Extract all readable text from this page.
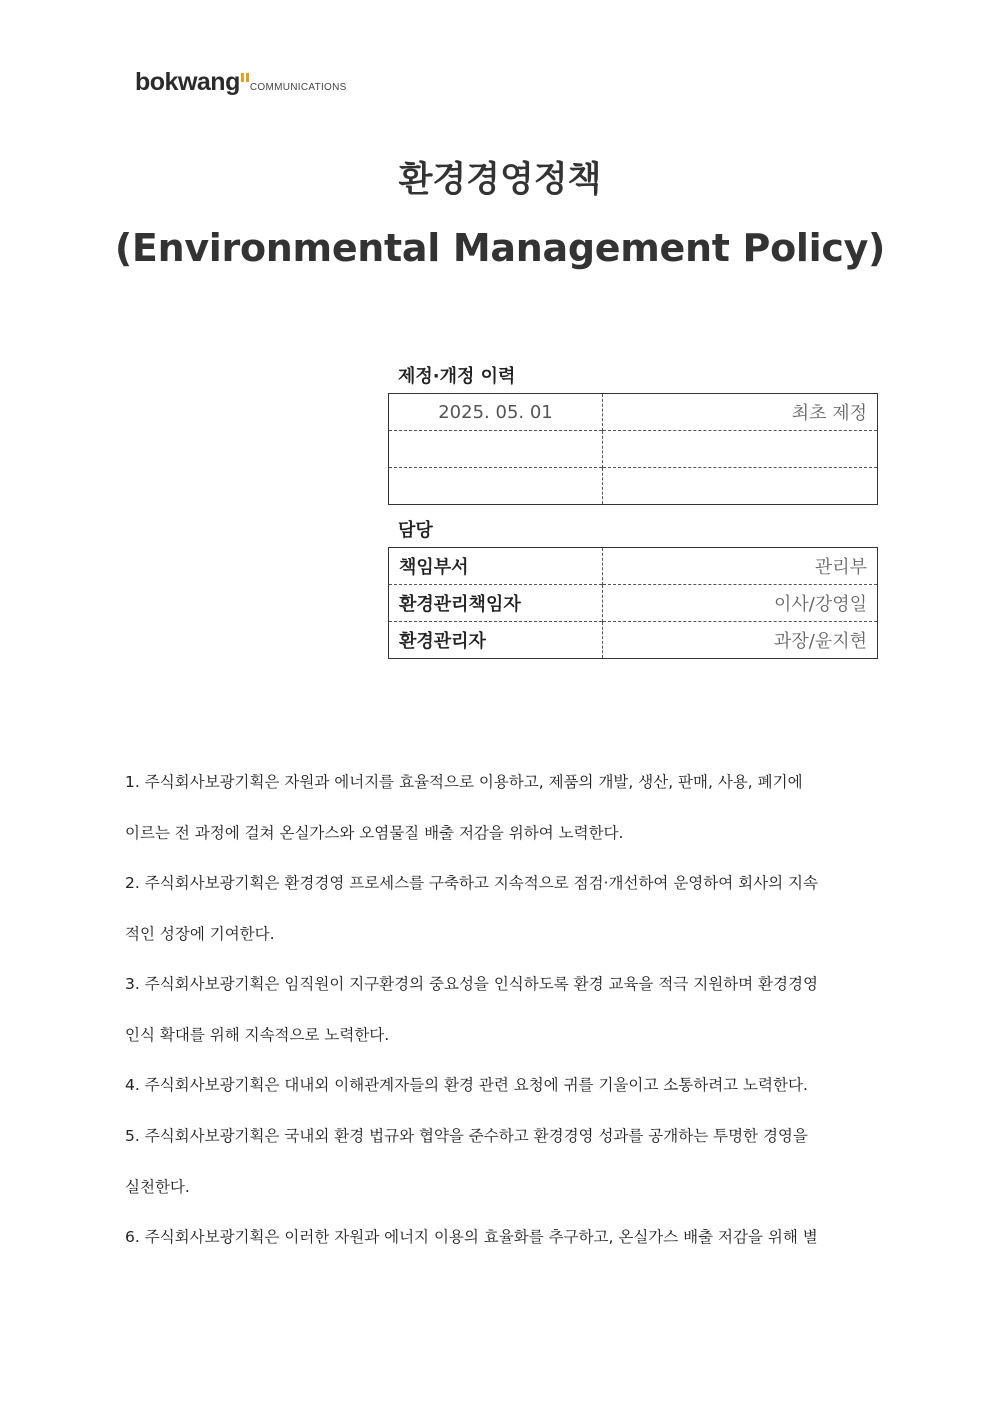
bokwang COMMUNICATIONS
환경경영정책
(Environmental Management Policy)
제정·개정 이력
2025. 05. 01	최초 제정

담당
책임부서	관리부
환경관리책임자	이사/강영일
환경관리자	과장/윤지현
1. 주식회사보광기획은 자원과 에너지를 효율적으로 이용하고, 제품의 개발, 생산, 판매, 사용, 폐기에
이르는 전 과정에 걸쳐 온실가스와 오염물질 배출 저감을 위하여 노력한다.
2. 주식회사보광기획은 환경경영 프로세스를 구축하고 지속적으로 점검·개선하여 운영하여 회사의 지속
적인 성장에 기여한다.
3. 주식회사보광기획은 임직원이 지구환경의 중요성을 인식하도록 환경 교육을 적극 지원하며 환경경영
인식 확대를 위해 지속적으로 노력한다.
4. 주식회사보광기획은 대내외 이해관계자들의 환경 관련 요청에 귀를 기울이고 소통하려고 노력한다.
5. 주식회사보광기획은 국내외 환경 법규와 협약을 준수하고 환경경영 성과를 공개하는 투명한 경영을
실천한다.
6. 주식회사보광기획은 이러한 자원과 에너지 이용의 효율화를 추구하고, 온실가스 배출 저감을 위해 별
